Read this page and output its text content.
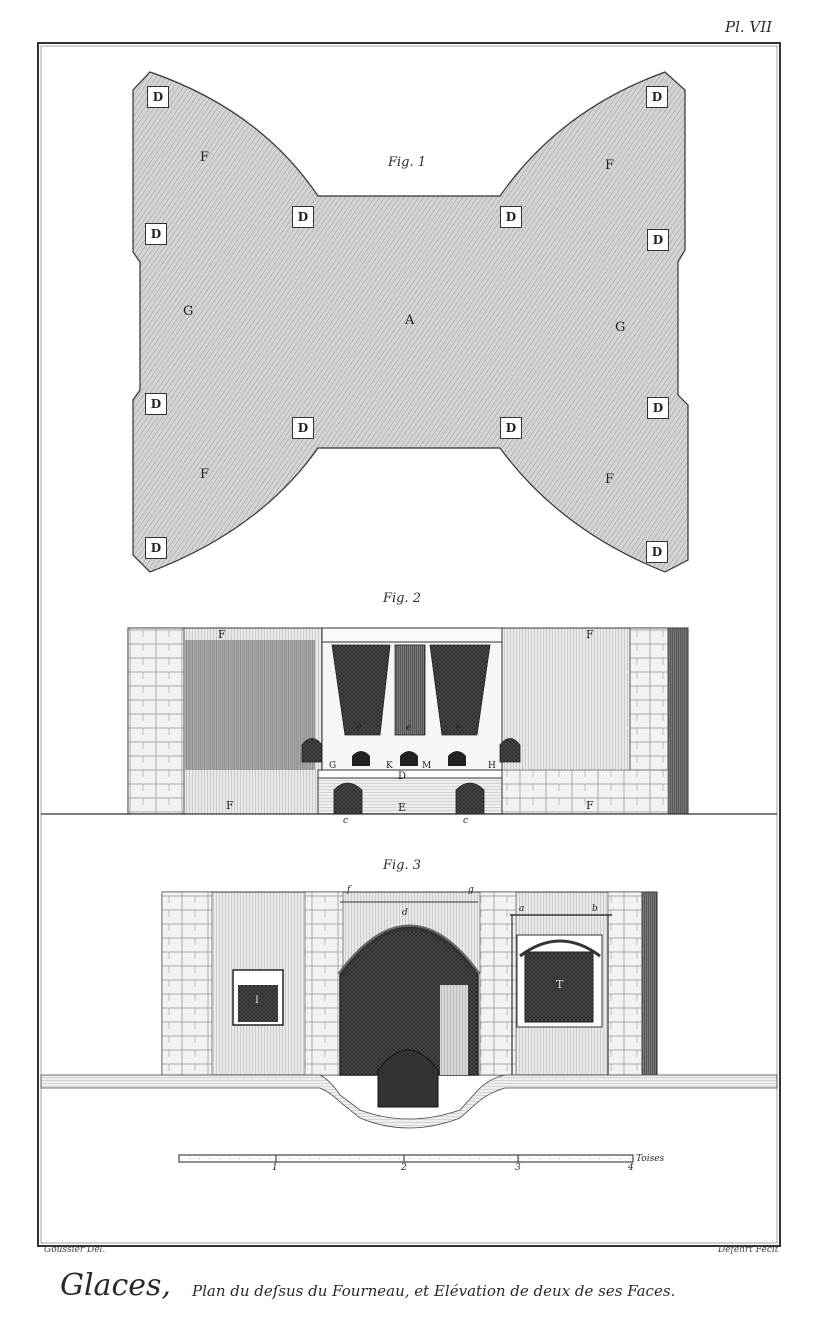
Pl. VII
Fig. 1
Fig. 2
Fig. 3
D	D
D	D
D	D
D	D
D	D
D	D
F
F
G
A	G
F	F
F	F
F	F
D
E
G	H
K	M
c	c
e	e	e
f	g
d	a	b
T
I
1	2	3	4
Toises
Goussier Del.	Defehrt Fecit
Glaces, Plan du deſsus du Fourneau, et Elévation de deux de ses Faces.
